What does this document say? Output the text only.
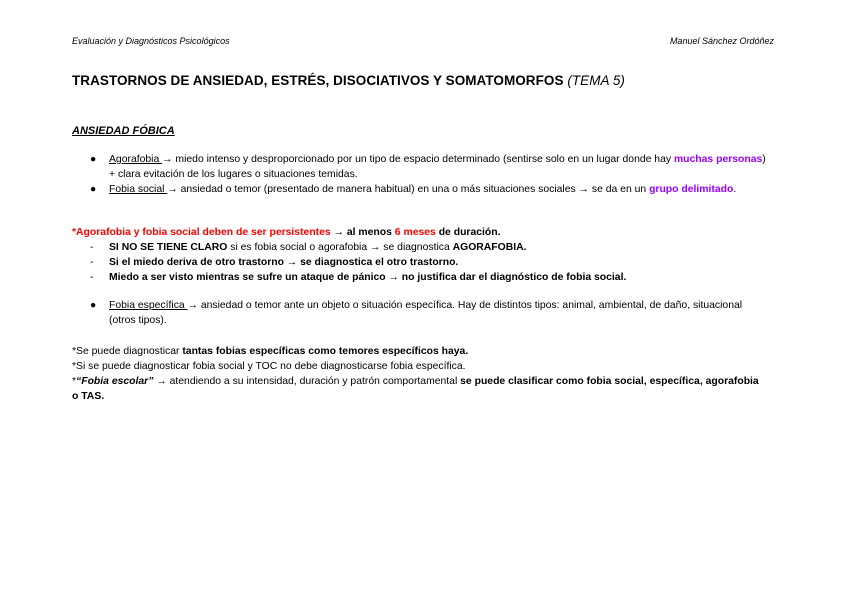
Evaluación y Diagnósticos Psicológicos	Manuel Sánchez Ordóñez
TRASTORNOS DE ANSIEDAD, ESTRÉS, DISOCIATIVOS Y SOMATOMORFOS (TEMA 5)
ANSIEDAD FÓBICA
● Agorafobia → miedo intenso y desproporcionado por un tipo de espacio determinado (sentirse solo en un lugar donde hay muchas personas) + clara evitación de los lugares o situaciones temidas.
● Fobia social → ansiedad o temor (presentado de manera habitual) en una o más situaciones sociales → se da en un grupo delimitado.
*Agorafobia y fobia social deben de ser persistentes → al menos 6 meses de duración.
- SI NO SE TIENE CLARO si es fobia social o agorafobia → se diagnostica AGORAFOBIA.
- Si el miedo deriva de otro trastorno → se diagnostica el otro trastorno.
- Miedo a ser visto mientras se sufre un ataque de pánico → no justifica dar el diagnóstico de fobia social.
● Fobia específica → ansiedad o temor ante un objeto o situación específica. Hay de distintos tipos: animal, ambiental, de daño, situacional (otros tipos).
*Se puede diagnosticar tantas fobias específicas como temores específicos haya.
*Si se puede diagnosticar fobia social y TOC no debe diagnosticarse fobia específica.
*“Fobia escolar” → atendiendo a su intensidad, duración y patrón comportamental se puede clasificar como fobia social, específica, agorafobia o TAS.
